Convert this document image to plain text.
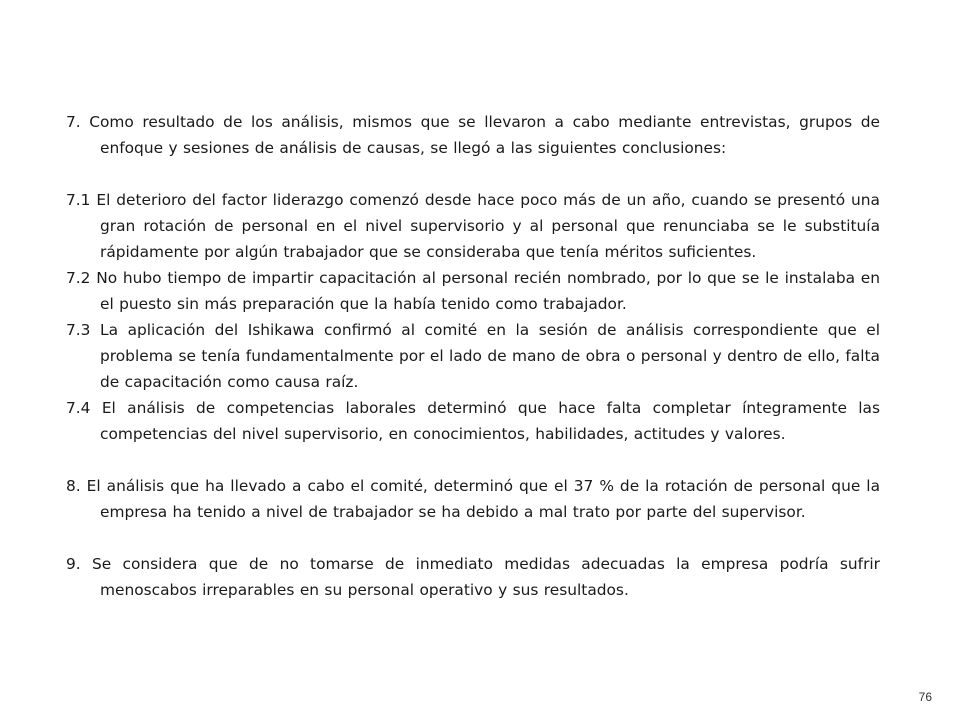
7. Como resultado de los análisis, mismos que se llevaron a cabo mediante entrevistas, grupos de enfoque y sesiones de análisis de causas, se llegó a las siguientes conclusiones:

7.1 El deterioro del factor liderazgo comenzó desde hace poco más de un año, cuando se presentó una gran rotación de personal en el nivel supervisorio y al personal que renunciaba se le substituía rápidamente por algún trabajador que se consideraba que tenía méritos suficientes.

7.2 No hubo tiempo de impartir capacitación al personal recién nombrado, por lo que se le instalaba en el puesto sin más preparación que la había tenido como trabajador.

7.3 La aplicación del Ishikawa confirmó al comité en la sesión de análisis correspondiente que el problema se tenía fundamentalmente por el lado de mano de obra o personal y dentro de ello, falta de capacitación como causa raíz.

7.4 El análisis de competencias laborales determinó que hace falta completar íntegramente las competencias del nivel supervisorio, en conocimientos, habilidades, actitudes y valores.

8. El análisis que ha llevado a cabo el comité, determinó que el 37 % de la rotación de personal que la empresa ha tenido a nivel de trabajador se ha debido a mal trato por parte del supervisor.

9. Se considera que de no tomarse de inmediato medidas adecuadas la empresa podría sufrir menoscabos irreparables en su personal operativo y sus resultados.

76
